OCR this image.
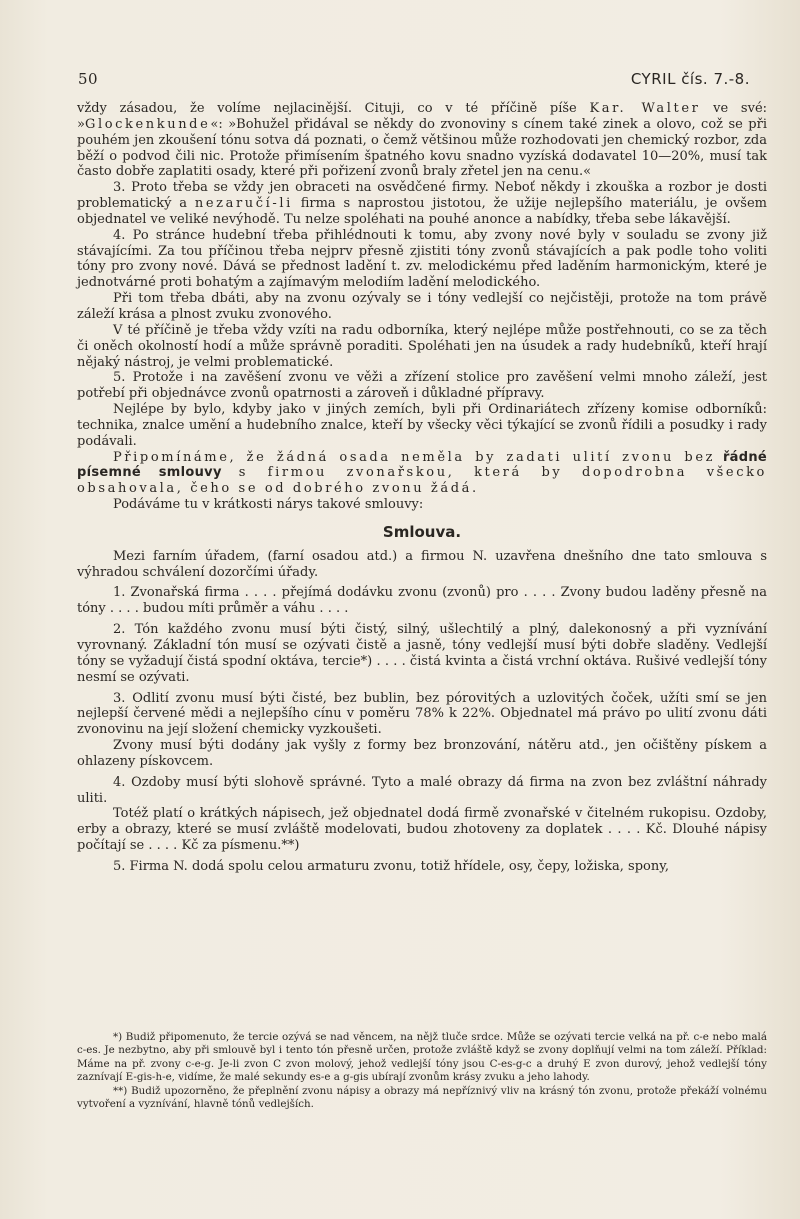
50	CYRIL čís. 7.-8.

vždy zásadou, že volíme nejlacinější. Cituji, co v té příčině píše Kar. Walter ve své: »Glockenkunde«: »Bohužel přidával se někdy do zvonoviny s cínem také zinek a olovo, což se při pouhém jen zkoušení tónu sotva dá poznati, o čemž většinou může rozhodovati jen chemický rozbor, zda běží o podvod čili nic. Protože přimísením špatného kovu snadno vyzíská dodavatel 10—20%, musí tak často dobře zaplatiti osady, které při pořizení zvonů braly zřetel jen na cenu.«

3. Proto třeba se vždy jen obraceti na osvědčené firmy. Neboť někdy i zkouška a rozbor je dosti problematický a nezaručí-li firma s naprostou jistotou, že užije nejlepšího materiálu, je ovšem objednatel ve veliké nevýhodě. Tu nelze spoléhati na pouhé anonce a nabídky, třeba sebe lákavější.

4. Po stránce hudební třeba přihlédnouti k tomu, aby zvony nové byly v souladu se zvony již stávajícími. Za tou příčinou třeba nejprv přesně zjistiti tóny zvonů stávajících a pak podle toho voliti tóny pro zvony nové. Dává se přednost ladění t. zv. melodickému před laděním harmonickým, které je jednotvárné proti bohatým a zajímavým melodiím ladění melodického.

Při tom třeba dbáti, aby na zvonu ozývaly se i tóny vedlejší co nejčistěji, protože na tom právě záleží krása a plnost zvuku zvonového.

V té příčině je třeba vždy vzíti na radu odborníka, který nejlépe může postřehnouti, co se za těch či oněch okolností hodí a může správně poraditi. Spoléhati jen na úsudek a rady hudebníků, kteří hrají nějaký nástroj, je velmi problematické.

5. Protože i na zavěšení zvonu ve věži a zřízení stolice pro zavěšení velmi mnoho záleží, jest potřebí při objednávce zvonů opatrnosti a zároveň i důkladné přípravy.

Nejlépe by bylo, kdyby jako v jiných zemích, byli při Ordinariátech zřízeny komise odborníků: technika, znalce umění a hudebního znalce, kteří by všecky věci týkající se zvonů řídili a posudky i rady podávali.

Připomínáme, že žádná osada neměla by zadati ulití zvonu bez řádné písemné smlouvy s firmou zvonařskou, která by dopodrobna všecko obsahovala, čeho se od dobrého zvonu žádá.

Podáváme tu v krátkosti nárys takové smlouvy:

Smlouva.

Mezi farním úřadem, (farní osadou atd.) a firmou N. uzavřena dnešního dne tato smlouva s výhradou schválení dozorčími úřady.

1. Zvonařská firma . . . . přejímá dodávku zvonu (zvonů) pro . . . . Zvony budou laděny přesně na tóny . . . . budou míti průměr a váhu . . . .

2. Tón každého zvonu musí býti čistý, silný, ušlechtilý a plný, dalekonosný a při vyznívání vyrovnaný. Základní tón musí se ozývati čistě a jasně, tóny vedlejší musí býti dobře sladěny. Vedlejší tóny se vyžadují čistá spodní oktáva, tercie*) . . . . čistá kvinta a čistá vrchní oktáva. Rušivé vedlejší tóny nesmí se ozývati.

3. Odlití zvonu musí býti čisté, bez bublin, bez pórovitých a uzlovitých čoček, užíti smí se jen nejlepší červené mědi a nejlepšího cínu v poměru 78% k 22%. Objednatel má právo po ulití zvonu dáti zvonovinu na její složení chemicky vyzkoušeti.

Zvony musí býti dodány jak vyšly z formy bez bronzování, nátěru atd., jen očištěny pískem a ohlazeny pískovcem.

4. Ozdoby musí býti slohově správné. Tyto a malé obrazy dá firma na zvon bez zvláštní náhrady uliti.

Totéž platí o krátkých nápisech, jež objednatel dodá firmě zvonařské v čitelném rukopisu. Ozdoby, erby a obrazy, které se musí zvláště modelovati, budou zhotoveny za doplatek . . . . Kč. Dlouhé nápisy počítají se . . . . Kč za písmenu.**)

5. Firma N. dodá spolu celou armaturu zvonu, totiž hřídele, osy, čepy, ložiska, spony,

*) Budiž připomenuto, že tercie ozývá se nad věncem, na nějž tluče srdce. Může se ozývati tercie velká na př. c-e nebo malá c-es. Je nezbytno, aby při smlouvě byl i tento tón přesně určen, protože zvláště když se zvony doplňují velmi na tom záleží. Příklad: Máme na př. zvony c-e-g. Je-li zvon C zvon molový, jehož vedlejší tóny jsou C-es-g-c a druhý E zvon durový, jehož vedlejší tóny zaznívají E-gis-h-e, vidíme, že malé sekundy es-e a g-gis ubírají zvonům krásy zvuku a jeho lahody.

**) Budiž upozorněno, že přeplnění zvonu nápisy a obrazy má nepříznivý vliv na krásný tón zvonu, protože překáží volnému vytvoření a vyznívání, hlavně tónů vedlejších.
